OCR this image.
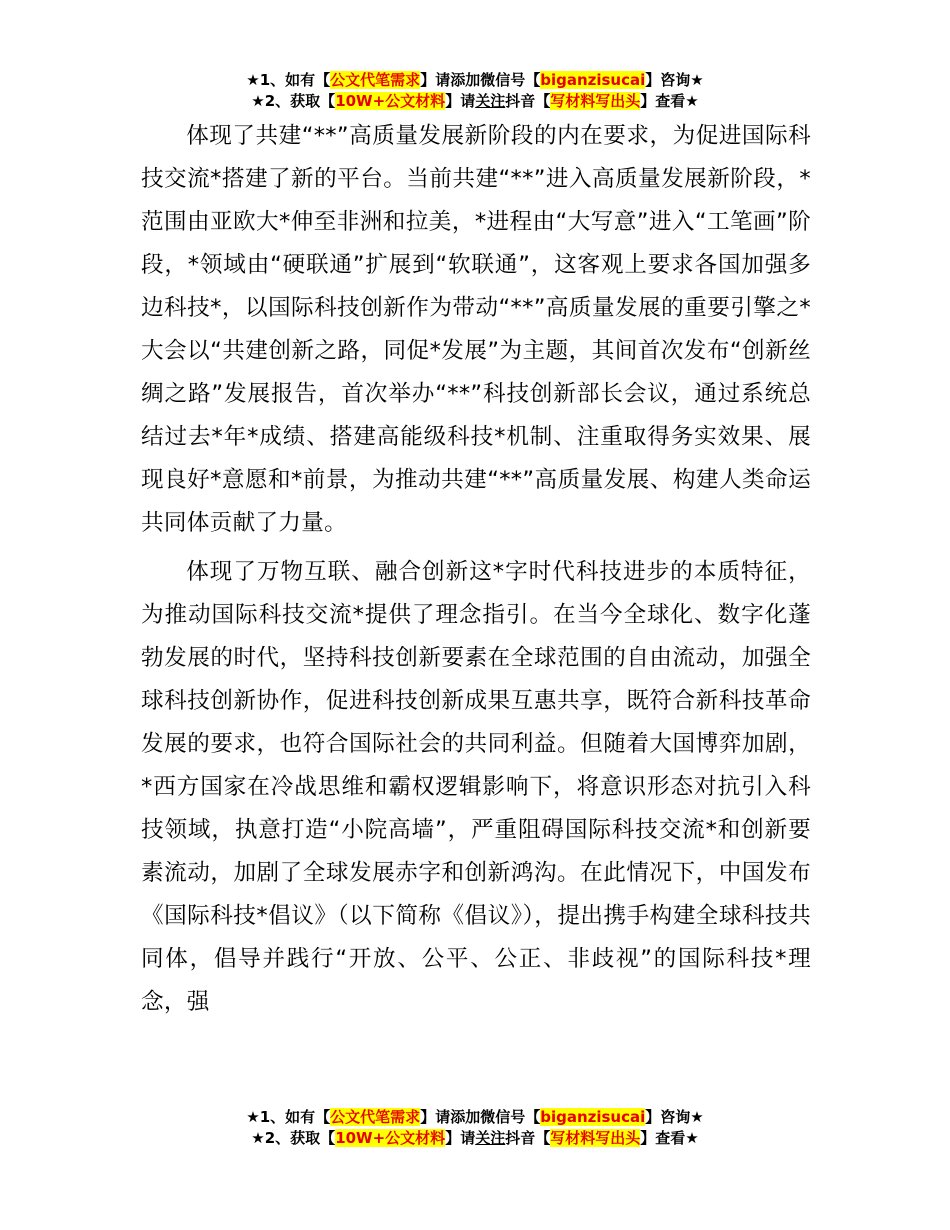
★1、如有【公文代笔需求】请添加微信号【biganzisucai】咨询★
★2、获取【10W+公文材料】请关注抖音【写材料写出头】查看★

体现了共建“**”高质量发展新阶段的内在要求，为促进国际科技交流*搭建了新的平台。当前共建“**”进入高质量发展新阶段，*范围由亚欧大*伸至非洲和拉美，*进程由“大写意”进入“工笔画”阶段，*领域由“硬联通”扩展到“软联通”，这客观上要求各国加强多边科技*，以国际科技创新作为带动“**”高质量发展的重要引擎之*大会以“共建创新之路，同促*发展”为主题，其间首次发布“创新丝绸之路”发展报告，首次举办“**”科技创新部长会议，通过系统总结过去*年*成绩、搭建高能级科技*机制、注重取得务实效果、展现良好*意愿和*前景，为推动共建“**”高质量发展、构建人类命运共同体贡献了力量。

体现了万物互联、融合创新这*字时代科技进步的本质特征，为推动国际科技交流*提供了理念指引。在当今全球化、数字化蓬勃发展的时代，坚持科技创新要素在全球范围的自由流动，加强全球科技创新协作，促进科技创新成果互惠共享，既符合新科技革命发展的要求，也符合国际社会的共同利益。但随着大国博弈加剧，*西方国家在冷战思维和霸权逻辑影响下，将意识形态对抗引入科技领域，执意打造“小院高墙”，严重阻碍国际科技交流*和创新要素流动，加剧了全球发展赤字和创新鸿沟。在此情况下，中国发布《国际科技*倡议》（以下简称《倡议》），提出携手构建全球科技共同体，倡导并践行“开放、公平、公正、非歧视”的国际科技*理念，强

★1、如有【公文代笔需求】请添加微信号【biganzisucai】咨询★
★2、获取【10W+公文材料】请关注抖音【写材料写出头】查看★
